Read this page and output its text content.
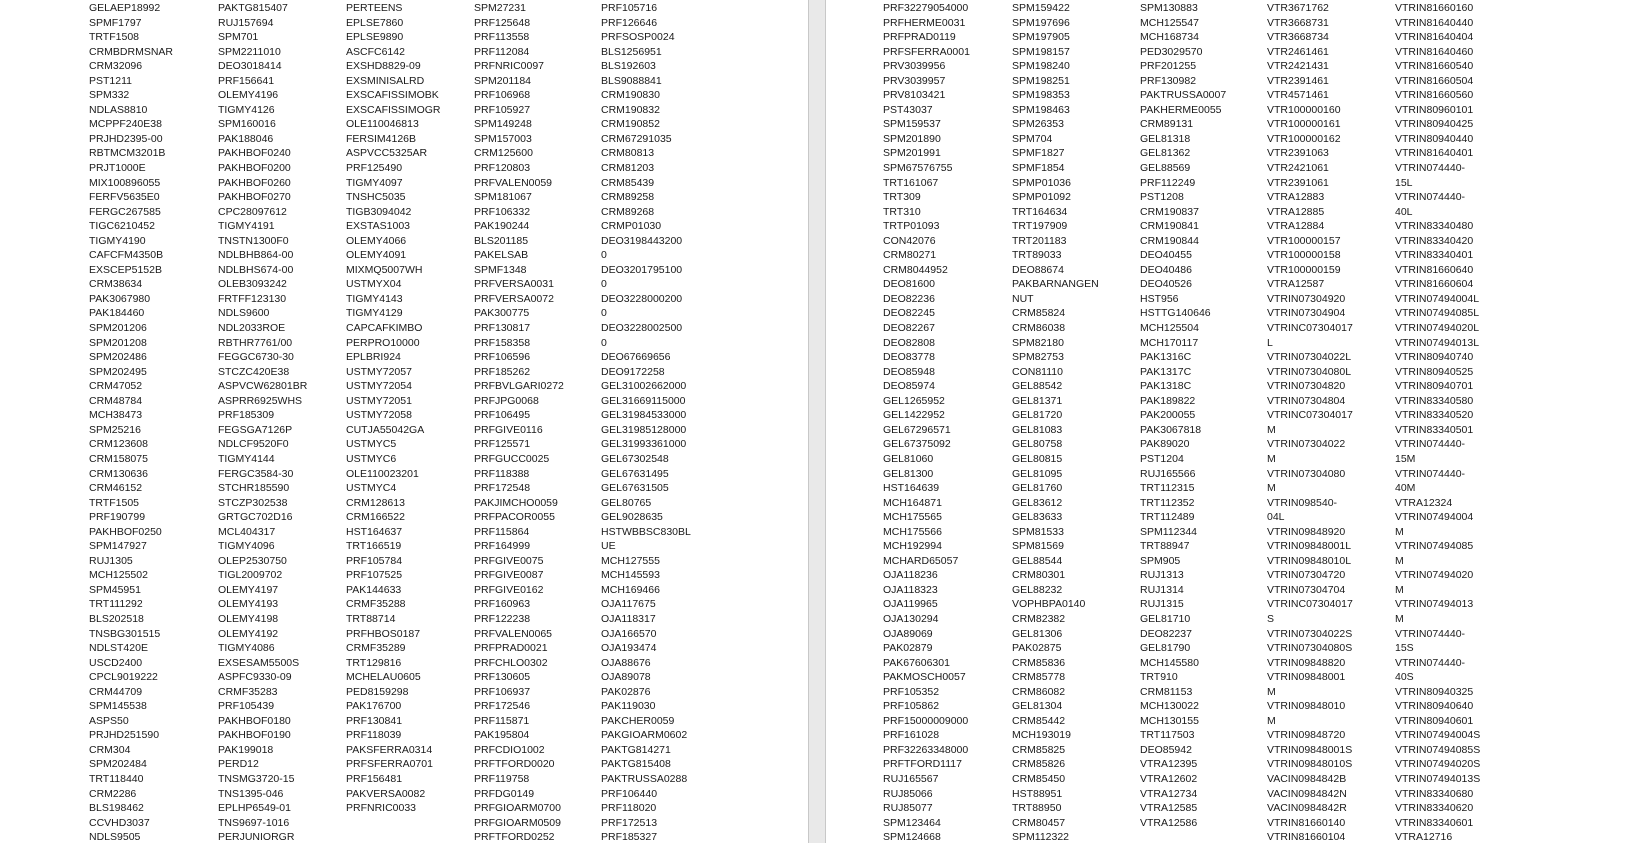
GELAEP18992
SPMF1797
TRTF1508
CRMBDRMSNAR
CRM32096
PST1211
SPM332
NDLAS8810
MCPPF240E38
PRJHD2395-00
RBTMCM3201B
PRJT1000E
MIX100896055
FERFV5635E0
FERGC267585
TIGC6210452
TIGMY4190
CAFCFM4350B
EXSCEP5152B
CRM38634
PAK3067980
PAK184460
SPM201206
SPM201208
SPM202486
SPM202495
CRM47052
CRM48784
MCH38473
SPM25216
CRM123608
CRM158075
CRM130636
CRM46152
TRTF1505
PRF190799
PAKHBOF0250
SPM147927
RUJ1305
MCH125502
SPM45951
TRT111292
BLS202518
TNSBG301515
NDLST420E
USCD2400
CPCL9019222
CRM44709
SPM145538
ASPS50
PRJHD251590
CRM304
SPM202484
TRT118440
CRM2286
BLS198462
CCVHD3037
NDLS9505
PAKTG815407
RUJ157694
SPM701
SPM2211010
DEO3018414
PRF156641
OLEMY4196
TIGMY4126
SPM160016
PAK188046
PAKHBOF0240
PAKHBOF0200
PAKHBOF0260
PAKHBOF0270
CPC28097612
TIGMY4191
TNSTN1300F0
NDLBHB864-00
NDLBHS674-00
OLEB3093242
FRTFF123130
NDLS9600
NDL2033ROE
RBTHR7761/00
FEGGC6730-30
STCZC420E38
ASPVCW62801BR
ASPRR6925WHS
PRF185309
FEGSGA7126P
NDLCF9520F0
TIGMY4144
FERGC3584-30
STCHR185590
STCZP302538
GRTGC702D16
MCL404317
TIGMY4096
OLEP2530750
TIGL2009702
OLEMY4197
OLEMY4193
OLEMY4198
OLEMY4192
TIGMY4086
EXSESAM5500S
ASPFC9330-09
CRMF35283
PRF105439
PAKHBOF0180
PAKHBOF0190
PAK199018
PERD12
TNSMG3720-15
TNS1395-046
EPLHP6549-01
TNS9697-1016
PERJUNIORGR
PERTEENS
EPLSE7860
EPLSE9890
ASCFC6142
EXSHD8829-09
EXSMINISALRD
EXSCAFISSIMOBK
EXSCAFISSIMOGR
OLE110046813
FERSIM4126B
ASPVCC5325AR
PRF125490
TIGMY4097
TNSHC5035
TIGB3094042
EXSTAS1003
OLEMY4066
OLEMY4091
MIXMQ5007WH
USTMYX04
TIGMY4143
TIGMY4129
CAPCAFKIMBO
PERPRO10000
EPLBRI924
USTMY72057
USTMY72054
USTMY72051
USTMY72058
CUTJA55042GA
USTMYC5
USTMYC6
OLE110023201
USTMYC4
CRM128613
CRM166522
HST164637
TRT166519
PRF105784
PRF107525
PAK144633
CRMF35288
TRT88714
PRFHBOS0187
CRMF35289
TRT129816
MCHELAU0605
PED8159298
PAK176700
PRF130841
PRF118039
PAKSFERRA0314
PRFSFERRA0701
PRF156481
PAKVERSA0082
PRFNRIC0033
SPM27231
PRF125648
PRF113558
PRF112084
PRFNRIC0097
SPM201184
PRF106968
PRF105927
SPM149248
SPM157003
CRM125600
PRF120803
PRFVALEN0059
SPM181067
PRF106332
PAK190244
BLS201185
PAKELSAB
SPMF1348
PRFVERSA0031
PRFVERSA0072
PAK300775
PRF130817
PRF158358
PRF106596
PRF185262
PRFBVLGARI0272
PRFJPG0068
PRF106495
PRFGIVE0116
PRF125571
PRFGUCC0025
PRF118388
PRF172548
PAKJIMCHO0059
PRFPACOR0055
PRF115864
PRF164999
PRFGIVE0075
PRFGIVE0087
PRFGIVE0162
PRF160963
PRF122238
PRFVALEN0065
PRFPRAD0021
PRFCHLO0302
PRF130605
PRF106937
PRF172546
PRF115871
PAK195804
PRFCDIO1002
PRFTFORD0020
PRF119758
PRFDG0149
PRFGIOARM0700
PRFGIOARM0509
PRFTFORD0252
PRF105716
PRF126646
PRFSOSP0024
BLS1256951
BLS192603
BLS9088841
CRM190830
CRM190832
CRM190852
CRM67291035
CRM80813
CRM81203
CRM85439
CRM89258
CRM89268
CRMP01030
DEO3198443200
0
DEO3201795100
0
DEO3228000200
0
DEO3228002500
0
DEO67669656
DEO9172258
GEL31002662000
GEL31669115000
GEL31984533000
GEL31985128000
GEL31993361000
GEL67302548
GEL67631495
GEL67631505
GEL80765
GEL9028635
HSTWBBSC830BL
UE
MCH127555
MCH145593
MCH169466
OJA117675
OJA118317
OJA166570
OJA193474
OJA88676
OJA89078
PAK02876
PAK119030
PAKCHER0059
PAKGIOARM0602
PAKTG814271
PAKTG815408
PAKTRUSSA0288
PRF106440
PRF118020
PRF172513
PRF185327
PRF32279054000
PRFHERME0031
PRFPRAD0119
PRFSFERRA0001
PRV3039956
PRV3039957
PRV8103421
PST43037
SPM159537
SPM201890
SPM201991
SPM67576755
TRT161067
TRT309
TRT310
TRTP01093
CON42076
CRM80271
CRM8044952
DEO81600
DEO82236
DEO82245
DEO82267
DEO82808
DEO83778
DEO85948
DEO85974
GEL1265952
GEL1422952
GEL67296571
GEL67375092
GEL81060
GEL81300
HST164639
MCH164871
MCH175565
MCH175566
MCH192994
MCHARD65057
OJA118236
OJA118323
OJA119965
OJA130294
OJA89069
PAK02879
PAK67606301
PAKMOSCH0057
PRF105352
PRF105862
PRF15000009000
PRF161028
PRF32263348000
PRFTFORD1117
RUJ165567
RUJ85066
RUJ85077
SPM123464
SPM124668
SPM159422
SPM197696
SPM197905
SPM198157
SPM198240
SPM198251
SPM198353
SPM198463
SPM26353
SPM704
SPMF1827
SPMF1854
SPMP01036
SPMP01092
TRT164634
TRT197909
TRT201183
TRT89033
DEO88674
PAKBARNANGEN
NUT
CRM85824
CRM86038
SPM82180
SPM82753
CON81110
GEL88542
GEL81371
GEL81720
GEL81083
GEL80758
GEL80815
GEL81095
GEL81760
GEL83612
GEL83633
SPM81533
SPM81569
GEL88544
CRM80301
GEL88232
VOPHBPA0140
CRM82382
GEL81306
PAK02875
CRM85836
CRM85778
CRM86082
GEL81304
CRM85442
MCH193019
CRM85825
CRM85826
CRM85450
HST88951
TRT88950
CRM80457
SPM112322
SPM130883
MCH125547
MCH168734
PED3029570
PRF201255
PRF130982
PAKTRUSSA0007
PAKHERME0055
CRM89131
GEL81318
GEL81362
GEL88569
PRF112249
PST1208
CRM190837
CRM190841
CRM190844
DEO40455
DEO40486
DEO40526
HST956
HSTTG140646
MCH125504
MCH170117
PAK1316C
PAK1317C
PAK1318C
PAK189822
PAK200055
PAK3067818
PAK89020
PST1204
RUJ165566
TRT112315
TRT112352
TRT112489
SPM112344
TRT88947
SPM905
RUJ1313
RUJ1314
RUJ1315
GEL81710
DEO82237
GEL81790
MCH145580
TRT910
CRM81153
MCH130022
MCH130155
TRT117503
DEO85942
VTRA12395
VTRA12602
VTRA12734
VTRA12585
VTRA12586
VTR3671762
VTR3668731
VTR3668734
VTR2461461
VTR2421431
VTR2391461
VTR4571461
VTR100000160
VTR100000161
VTR100000162
VTR2391063
VTR2421061
VTR2391061
VTRA12883
VTRA12885
VTRA12884
VTR100000157
VTR100000158
VTR100000159
VTRA12587
VTRIN07304920
VTRIN07304904
VTRINC07304017
L
VTRIN07304022L
VTRIN07304080L
VTRIN07304820
VTRIN07304804
VTRINC07304017
M
VTRIN07304022
M
VTRIN07304080
M
VTRIN098540-
04L
VTRIN09848920
VTRIN09848001L
VTRIN09848010L
VTRIN07304720
VTRIN07304704
VTRINC07304017
S
VTRIN07304022S
VTRIN07304080S
VTRIN09848820
VTRIN09848001
M
VTRIN09848010
M
VTRIN09848720
VTRIN09848001S
VTRIN09848010S
VACIN0984842B
VACIN0984842N
VACIN0984842R
VTRIN81660140
VTRIN81660104
VTRIN81660160
VTRIN81640440
VTRIN81640404
VTRIN81640460
VTRIN81660540
VTRIN81660504
VTRIN81660560
VTRIN80960101
VTRIN80940425
VTRIN80940440
VTRIN81640401
VTRIN074440-
15L
VTRIN074440-
40L
VTRIN83340480
VTRIN83340420
VTRIN83340401
VTRIN81660640
VTRIN81660604
VTRIN07494004L
VTRIN07494085L
VTRIN07494020L
VTRIN07494013L
VTRIN80940740
VTRIN80940525
VTRIN80940701
VTRIN83340580
VTRIN83340520
VTRIN83340501
VTRIN074440-
15M
VTRIN074440-
40M
VTRA12324
VTRIN07494004
M
VTRIN07494085
M
VTRIN07494020
M
VTRIN07494013
M
VTRIN074440-
15S
VTRIN074440-
40S
VTRIN80940325
VTRIN80940640
VTRIN80940601
VTRIN07494004S
VTRIN07494085S
VTRIN07494020S
VTRIN07494013S
VTRIN83340680
VTRIN83340620
VTRIN83340601
VTRA12716
